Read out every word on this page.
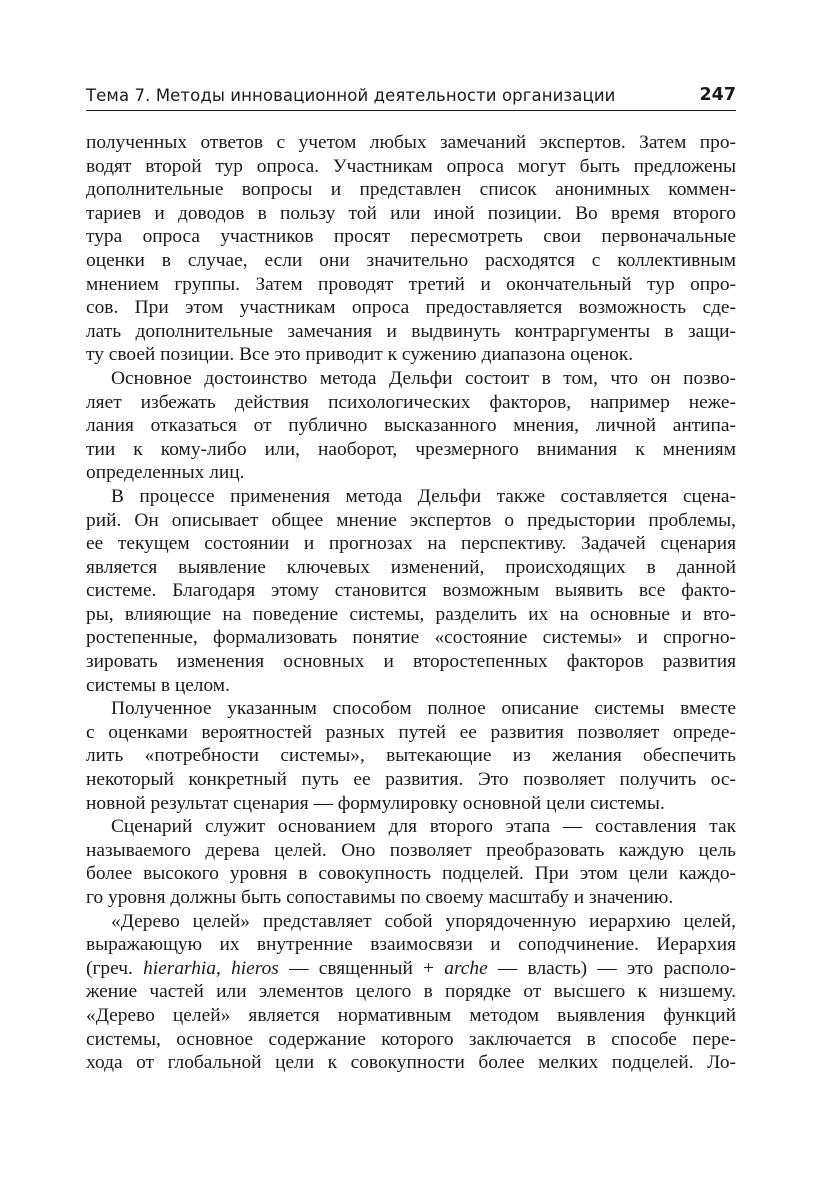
Тема 7. Методы инновационной деятельности организации	247
полученных ответов с учетом любых замечаний экспертов. Затем про-
водят второй тур опроса. Участникам опроса могут быть предложены
дополнительные вопросы и представлен список анонимных коммен-
тариев и доводов в пользу той или иной позиции. Во время второго
тура опроса участников просят пересмотреть свои первоначальные
оценки в случае, если они значительно расходятся с коллективным
мнением группы. Затем проводят третий и окончательный тур опро-
сов. При этом участникам опроса предоставляется возможность сде-
лать дополнительные замечания и выдвинуть контраргументы в защи-
ту своей позиции. Все это приводит к сужению диапазона оценок.
Основное достоинство метода Дельфи состоит в том, что он позво-
ляет избежать действия психологических факторов, например неже-
лания отказаться от публично высказанного мнения, личной антипа-
тии к кому-либо или, наоборот, чрезмерного внимания к мнениям
определенных лиц.
В процессе применения метода Дельфи также составляется сцена-
рий. Он описывает общее мнение экспертов о предыстории проблемы,
ее текущем состоянии и прогнозах на перспективу. Задачей сценария
является выявление ключевых изменений, происходящих в данной
системе. Благодаря этому становится возможным выявить все факто-
ры, влияющие на поведение системы, разделить их на основные и вто-
ростепенные, формализовать понятие «состояние системы» и спрогно-
зировать изменения основных и второстепенных факторов развития
системы в целом.
Полученное указанным способом полное описание системы вместе
с оценками вероятностей разных путей ее развития позволяет опреде-
лить «потребности системы», вытекающие из желания обеспечить
некоторый конкретный путь ее развития. Это позволяет получить ос-
новной результат сценария — формулировку основной цели системы.
Сценарий служит основанием для второго этапа — составления так
называемого дерева целей. Оно позволяет преобразовать каждую цель
более высокого уровня в совокупность подцелей. При этом цели каждо-
го уровня должны быть сопоставимы по своему масштабу и значению.
«Дерево целей» представляет собой упорядоченную иерархию целей,
выражающую их внутренние взаимосвязи и соподчинение. Иерархия
(греч. hierarhia, hieros — священный + arche — власть) — это располо-
жение частей или элементов целого в порядке от высшего к низшему.
«Дерево целей» является нормативным методом выявления функций
системы, основное содержание которого заключается в способе пере-
хода от глобальной цели к совокупности более мелких подцелей. Ло-
